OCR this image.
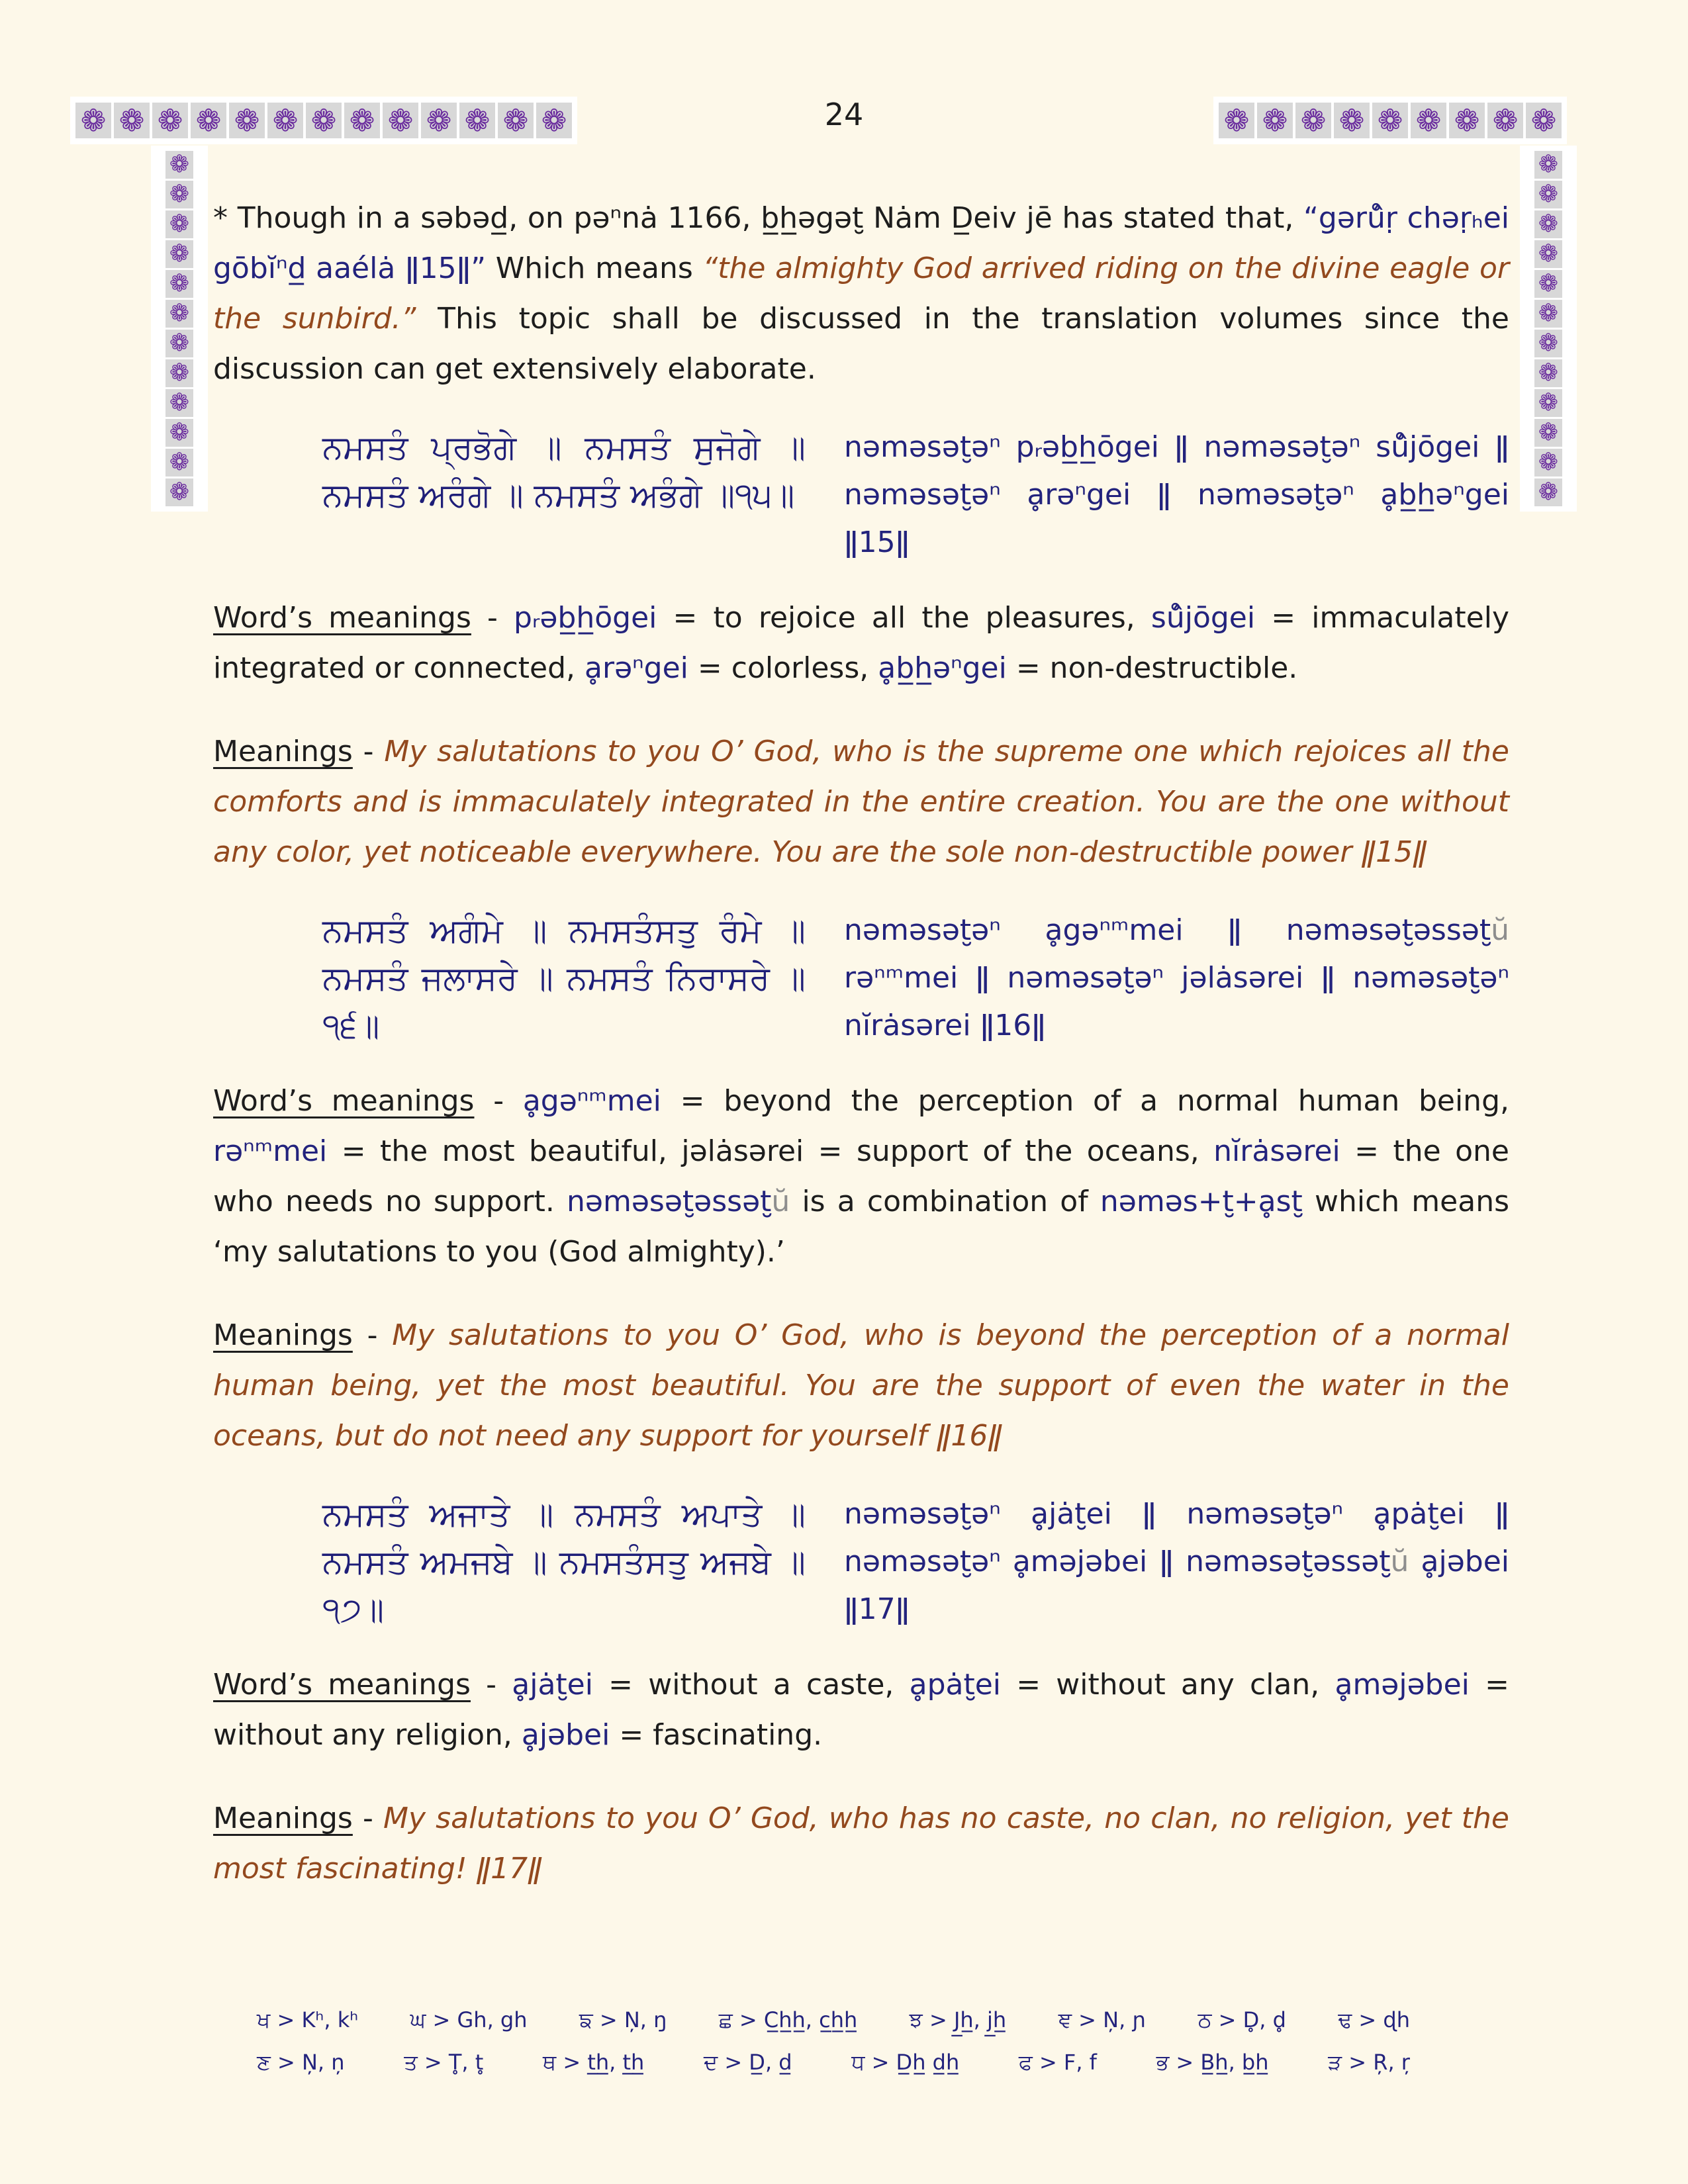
❁ ❁ ❁ ❁ ❁ ❁ ❁ ❁ ❁ ❁ ❁ ❁ ❁	24	❁ ❁ ❁ ❁ ❁ ❁ ❁ ❁ ❁
❁
❁
❁
❁
❁
❁
❁
❁
❁
❁
❁
❁
❁
❁
❁
❁
❁
❁
❁
❁
❁
❁
❁
❁

* Though in a səbəd̲, on pəⁿnȧ 1166, b̲h̲əgət̮ Nȧm D̲eiv jē has stated that, “gərů̂ṛ chəṛₕei gōbĭⁿd̲ aaélȧ ǁ15ǁ” Which means “the almighty God arrived riding on the divine eagle or the sunbird.” This topic shall be discussed in the translation volumes since the discussion can get extensively elaborate.

ਨਮਸਤੰ ਪ੍ਰਭੋਗੇ ॥ ਨਮਸਤੰ ਸੁਜੋਗੇ ॥ ਨਮਸਤੰ ਅਰੰਗੇ ॥ ਨਮਸਤੰ ਅਭੰਗੇ ॥੧੫॥
nəməsət̮əⁿ pᵣəb̲h̲ōgei ǁ nəməsət̮əⁿ sů̂jōgei ǁ nəməsət̮əⁿ ḁrəⁿgei ǁ nəməsət̮əⁿ ḁb̲h̲əⁿgei ǁ15ǁ

Word’s meanings - pᵣəb̲h̲ōgei = to rejoice all the pleasures, sů̂jōgei = immaculately integrated or connected, ḁrəⁿgei = colorless, ḁb̲h̲əⁿgei = non-destructible.

Meanings - My salutations to you O’ God, who is the supreme one which rejoices all the comforts and is immaculately integrated in the entire creation. You are the one without any color, yet noticeable everywhere. You are the sole non-destructible power ǁ15ǁ

ਨਮਸਤੰ ਅਗੰਮੇ ॥ ਨਮਸਤੰਸਤੁ ਰੰਮੇ ॥ ਨਮਸਤੰ ਜਲਾਸਰੇ ॥ ਨਮਸਤੰ ਨਿਰਾਸਰੇ ॥੧੬॥
nəməsət̮əⁿ ḁgəⁿᵐmei ǁ nəməsət̮əssət̮ŭ rəⁿᵐmei ǁ nəməsət̮əⁿ jəlȧsərei ǁ nəməsət̮əⁿ nĭrȧsərei ǁ16ǁ

Word’s meanings - ḁgəⁿᵐmei = beyond the perception of a normal human being, rəⁿᵐmei = the most beautiful, jəlȧsərei = support of the oceans, nĭrȧsərei = the one who needs no support. nəməsət̮əssət̮ŭ is a combination of nəməs+t̮+ḁst̮ which means ‘my salutations to you (God almighty).’

Meanings - My salutations to you O’ God, who is beyond the perception of a normal human being, yet the most beautiful. You are the support of even the water in the oceans, but do not need any support for yourself ǁ16ǁ

ਨਮਸਤੰ ਅਜਾਤੇ ॥ ਨਮਸਤੰ ਅਪਾਤੇ ॥ ਨਮਸਤੰ ਅਮਜਬੇ ॥ ਨਮਸਤੰਸਤੁ ਅਜਬੇ ॥੧੭॥
nəməsət̮əⁿ ḁjȧt̮ei ǁ nəməsət̮əⁿ ḁpȧt̮ei ǁ nəməsət̮əⁿ ḁməjəbei ǁ nəməsət̮əssət̮ŭ ḁjəbei ǁ17ǁ

Word’s meanings - ḁjȧt̮ei = without a caste, ḁpȧt̮ei = without any clan, ḁməjəbei = without any religion, ḁjəbei = fascinating.

Meanings - My salutations to you O’ God, who has no caste, no clan, no religion, yet the most fascinating! ǁ17ǁ

ਖ > Kʰ, kʰ ਘ > Gh, gh ਙ > N̦, ŋ ਛ > C̲h̲h̲, c̲h̲h̲ ਝ > J̲h̲, j̲h̲ ਞ > N̦, ɲ ਠ > D̥, d̥ ਢ > ɖh
ਣ > N̦, n̦	ਤ > T̥, t̥	ਥ > t̲h̲, t̲h̲	ਦ > D̲, d̲	ਧ > D̲h̲ d̲h̲	ਫ > F, f	ਭ > B̲h̲, b̲h̲	ੜ > R̦, r̦
